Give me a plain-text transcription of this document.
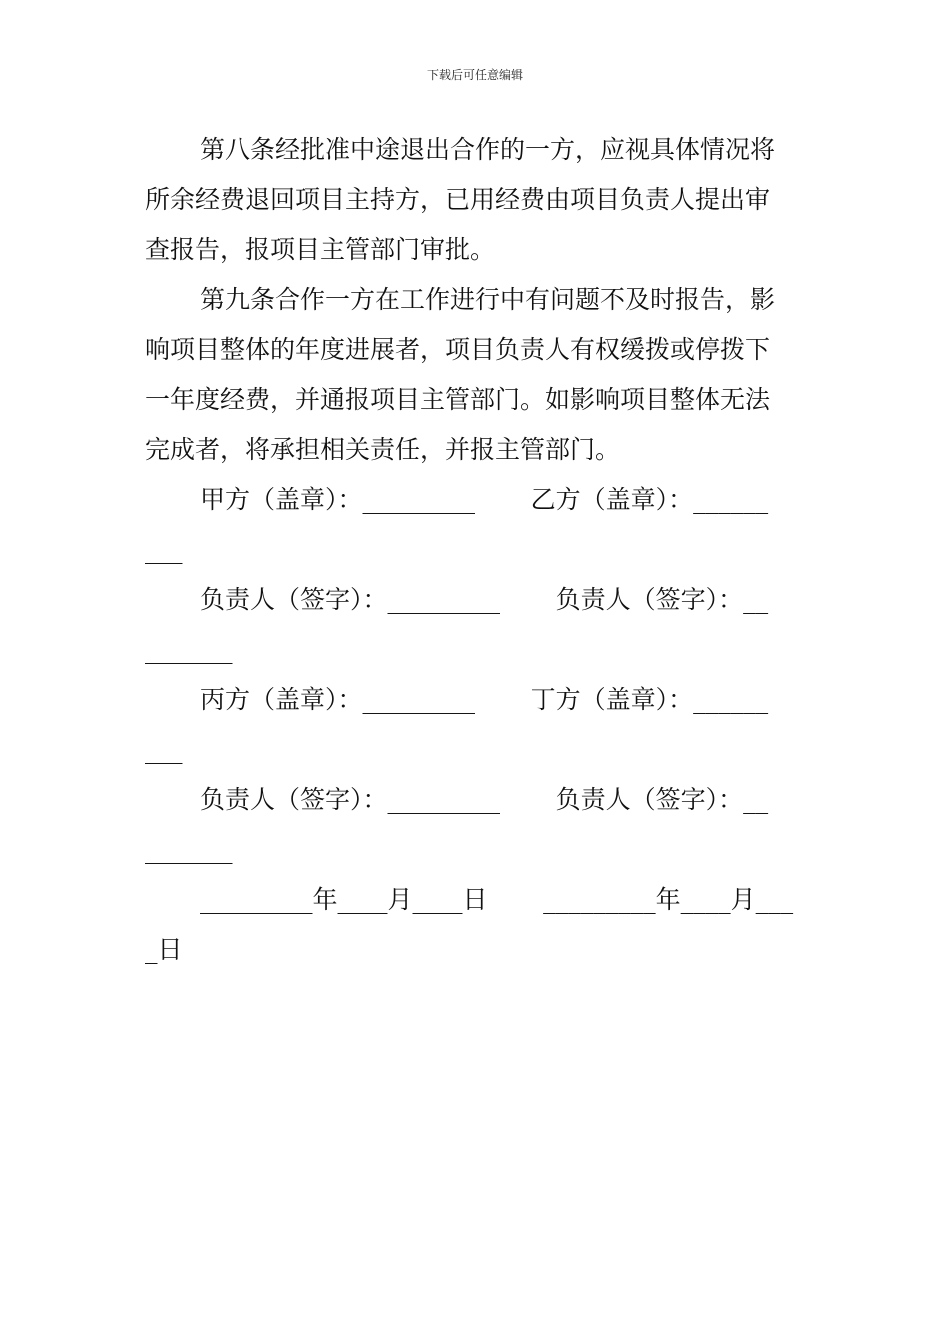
下载后可任意编辑
第八条经批准中途退出合作的一方，应视具体情况将
所余经费退回项目主持方，已用经费由项目负责人提出审
查报告，报项目主管部门审批。
第九条合作一方在工作进行中有问题不及时报告，影
响项目整体的年度进展者，项目负责人有权缓拨或停拨下
一年度经费，并通报项目主管部门。如影响项目整体无法
完成者，将承担相关责任，并报主管部门。
甲方（盖章）：_________       乙方（盖章）：______
___
负责人（签字）：_________       负责人（签字）：__
_______
丙方（盖章）：_________       丁方（盖章）：______
___
负责人（签字）：_________       负责人（签字）：__
_______
_________年____月____日       _________年____月___
_日
